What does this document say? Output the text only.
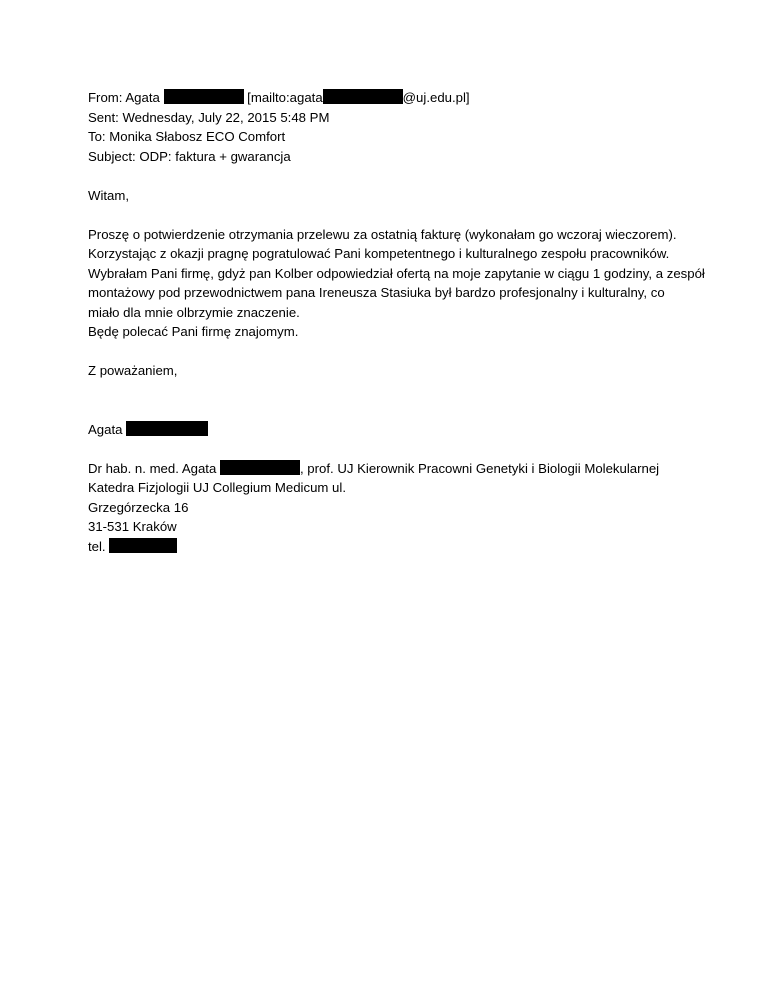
From: Agata	[mailto:agata	@uj.edu.pl]
Sent: Wednesday, July 22, 2015 5:48 PM
To: Monika Słabosz ECO Comfort
Subject: ODP: faktura + gwarancja
Witam,
Proszę o potwierdzenie otrzymania przelewu za ostatnią fakturę (wykonałam go wczoraj wieczorem).
Korzystając z okazji pragnę pogratulować Pani kompetentnego i kulturalnego zespołu pracowników.
Wybrałam Pani firmę, gdyż pan Kolber odpowiedział ofertą na moje zapytanie w ciągu 1 godziny, a zespół
montażowy pod przewodnictwem pana Ireneusza Stasiuka był bardzo profesjonalny i kulturalny, co
miało dla mnie olbrzymie znaczenie.
Będę polecać Pani firmę znajomym.
Z poważaniem,
Agata
Dr hab. n. med. Agata	, prof. UJ Kierownik Pracowni Genetyki i Biologii Molekularnej
Katedra Fizjologii UJ Collegium Medicum ul.
Grzegórzecka 16
31-531 Kraków
tel.
